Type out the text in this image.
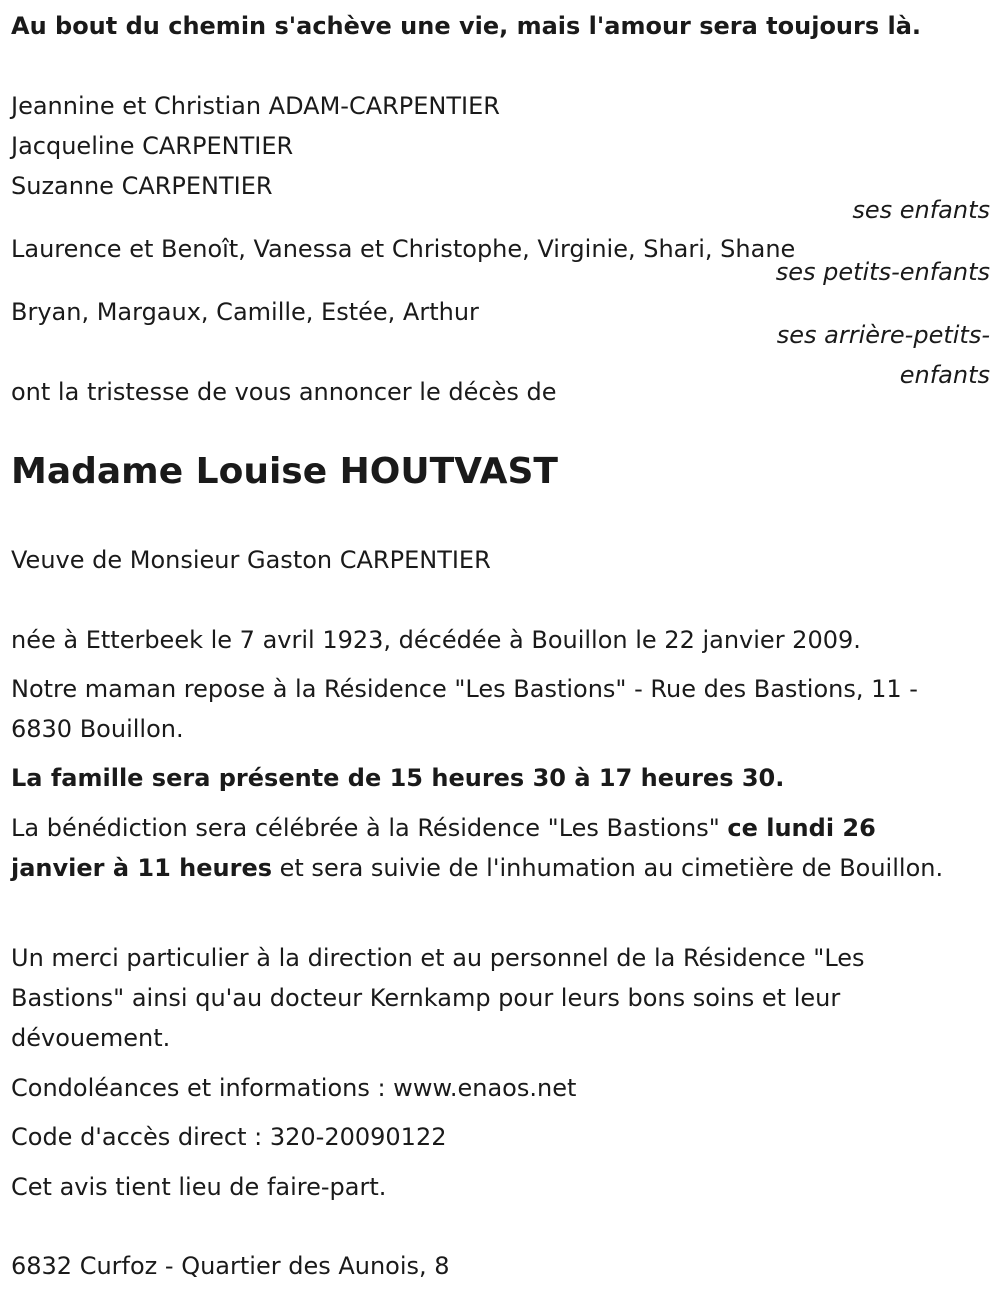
Au bout du chemin s'achève une vie, mais l'amour sera toujours là.

Jeannine et Christian ADAM-CARPENTIER

Jacqueline CARPENTIER

Suzanne CARPENTIER

ses enfants

Laurence et Benoît, Vanessa et Christophe, Virginie, Shari, Shane

ses petits-enfants

Bryan, Margaux, Camille, Estée, Arthur

ses arrière-petits-

enfants

ont la tristesse de vous annoncer le décès de

Madame Louise HOUTVAST

Veuve de Monsieur Gaston CARPENTIER

née à Etterbeek le 7 avril 1923, décédée à Bouillon le 22 janvier 2009.

Notre maman repose à la Résidence "Les Bastions" - Rue des Bastions, 11 - 6830 Bouillon.

La famille sera présente de 15 heures 30 à 17 heures 30.

La bénédiction sera célébrée à la Résidence "Les Bastions" ce lundi 26 janvier à 11 heures et sera suivie de l'inhumation au cimetière de Bouillon.

Un merci particulier à la direction et au personnel de la Résidence "Les Bastions" ainsi qu'au docteur Kernkamp pour leurs bons soins et leur dévouement.

Condoléances et informations : www.enaos.net

Code d'accès direct : 320-20090122

Cet avis tient lieu de faire-part.

6832 Curfoz - Quartier des Aunois, 8
